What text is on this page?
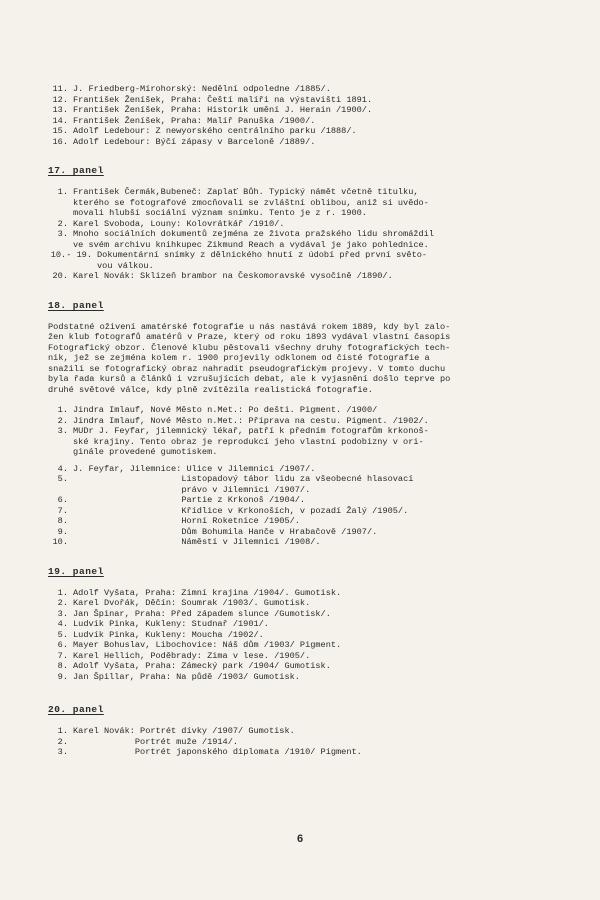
11. J. Friedberg-Mírohorský: Nedělní odpoledne /1885/.
12. František Ženíšek, Praha: Čeští malíři na výstavišti 1891.
13. František Ženíšek, Praha: Historik umění J. Herain /1900/.
14. František Ženíšek, Praha: Malíř Panuška /1900/.
15. Adolf Ledebour: Z newyorského centrálního parku /1888/.
16. Adolf Ledebour: Býčí zápasy v Barceloně /1889/.
17. panel
1. František Čermák,Bubeneč: Zaplať Bůh. Typický námět včetně titulku,
kterého se fotografové zmocňovali se zvláštní oblibou, aniž si uvědo-
movali hlubší sociální význam snímku. Tento je z r. 1900.
2. Karel Svoboda, Louny: Kolovrátkář /1910/.
3. Mnoho sociálních dokumentů zejména ze života pražského lidu shromáždil
ve svém archivu knihkupec Zikmund Reach a vydával je jako pohlednice.
10.- 19. Dokumentární snímky z dělnického hnutí z údobí před první světo-
vou válkou.
20. Karel Novák: Sklizeň brambor na Českomoravské vysočině /1890/.
18. panel
Podstatné oživení amatérské fotografie u nás nastává rokem 1889, kdy byl zalo-
žen klub fotografů amatérů v Praze, který od roku 1893 vydával vlastní časopis
Fotografický obzor. Členové klubu pěstovali všechny druhy fotografických tech-
nik, jež se zejména kolem r. 1900 projevily odklonem od čisté fotografie a
snažili se fotografický obraz nahradit pseudografickým projevy. V tomto duchu
byla řada kursů a článků i vzrušujících debat, ale k vyjasnění došlo teprve po
druhé světové válce, kdy plně zvítězila realistická fotografie.
1. Jindra Imlauf, Nové Město n.Met.: Po dešti. Pigment. /1900/
2. Jindra Imlauf, Nové Město n.Met.: Příprava na cestu. Pigment. /1902/.
3. MUDr J. Feyfar, jilemnický lékař, patří k předním fotografům krkonoš-
ské krajiny. Tento obraz je reprodukcí jeho vlastní podobizny v ori-
ginále provedené gumotiskem.
4. J. Feyfar, Jilemnice: Ulice v Jilemnici /1907/.
5.	Listopadový tábor lidu za všeobecné hlasovací
právo v Jilemnici /1907/.
6. Partie z Krkonoš /1904/.
7. Křídlice v Krkonoších, v pozadí Žalý /1905/.
8. Horní Roketnice /1905/.
9. Dům Bohumila Hanče v Hrabačově /1907/.
10. Náměstí v Jilemnici /1908/.
19. panel
1. Adolf Vyšata, Praha: Zimní krajina /1904/. Gumotisk.
2. Karel Dvořák, Děčín: Soumrak /1903/. Gumotisk.
3. Jan Špinar, Praha: Před západem slunce /Gumotisk/.
4. Ludvík Pinka, Kukleny: Studnař /1901/.
5. Ludvík Pinka, Kukleny: Moucha /1902/.
6. Mayer Bohuslav, Libochovice: Náš dům /1903/ Pigment.
7. Karel Hellich, Poděbrady: Zima v lese. /1905/.
8. Adolf Vyšata, Praha: Zámecký park /1904/ Gumotisk.
9. Jan Špillar, Praha: Na půdě /1903/ Gumotisk.
20. panel
1. Karel Novák: Portrét dívky /1907/ Gumotisk.
2. Portrét muže /1914/.
3. Portrét japonského diplomata /1910/ Pigment.
6
